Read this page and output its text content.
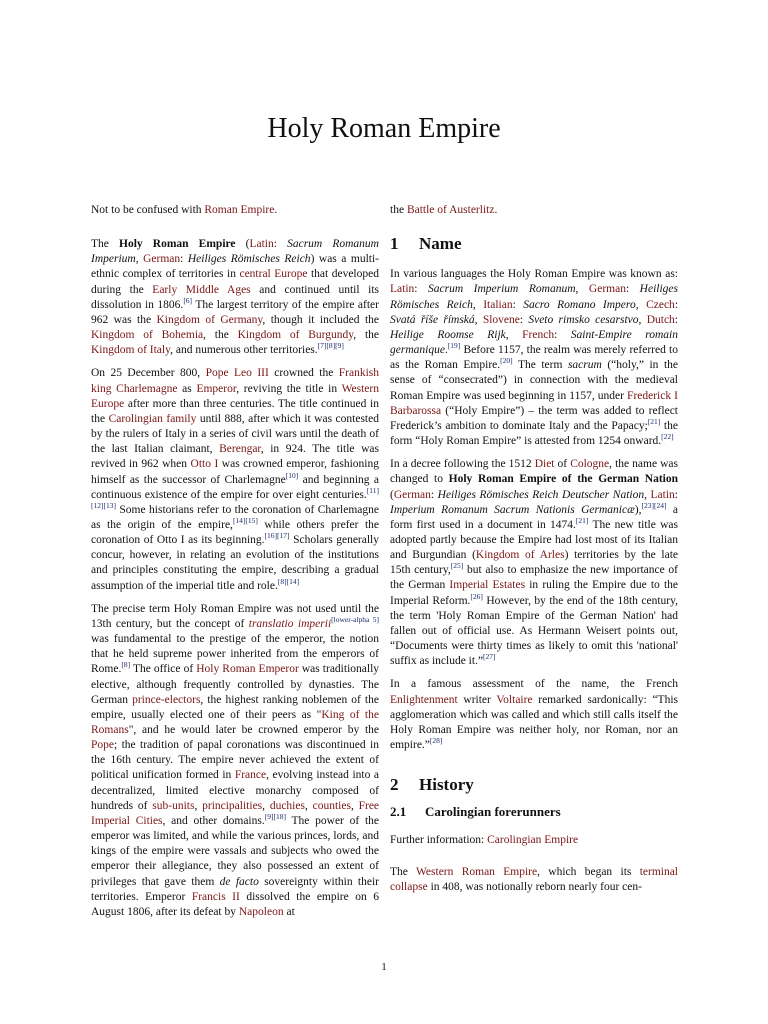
Holy Roman Empire

Not to be confused with Roman Empire.

The Holy Roman Empire (Latin: Sacrum Romanum Imperium, German: Heiliges Römisches Reich) was a multi-ethnic complex of territories in central Europe that developed during the Early Middle Ages and continued until its dissolution in 1806.[6] The largest territory of the empire after 962 was the Kingdom of Germany, though it included the Kingdom of Bohemia, the Kingdom of Burgundy, the Kingdom of Italy, and numerous other territories.[7][8][9]

On 25 December 800, Pope Leo III crowned the Frankish king Charlemagne as Emperor, reviving the title in Western Europe after more than three centuries. The title continued in the Carolingian family until 888, after which it was contested by the rulers of Italy in a series of civil wars until the death of the last Italian claimant, Berengar, in 924. The title was revived in 962 when Otto I was crowned emperor, fashioning himself as the successor of Charlemagne[10] and beginning a continuous existence of the empire for over eight centuries.[11][12][13] Some historians refer to the coronation of Charlemagne as the origin of the empire,[14][15] while others prefer the coronation of Otto I as its beginning.[16][17] Scholars generally concur, however, in relating an evolution of the institutions and principles constituting the empire, describing a gradual assumption of the imperial title and role.[8][14]

The precise term Holy Roman Empire was not used until the 13th century, but the concept of translatio imperii[lower-alpha 5] was fundamental to the prestige of the emperor, the notion that he held supreme power inherited from the emperors of Rome.[8] The office of Holy Roman Emperor was traditionally elective, although frequently controlled by dynasties. The German prince-electors, the highest ranking noblemen of the empire, usually elected one of their peers as "King of the Romans", and he would later be crowned emperor by the Pope; the tradition of papal coronations was discontinued in the 16th century. The empire never achieved the extent of political unification formed in France, evolving instead into a decentralized, limited elective monarchy composed of hundreds of sub-units, principalities, duchies, counties, Free Imperial Cities, and other domains.[9][18] The power of the emperor was limited, and while the various princes, lords, and kings of the empire were vassals and subjects who owed the emperor their allegiance, they also possessed an extent of privileges that gave them de facto sovereignty within their territories. Emperor Francis II dissolved the empire on 6 August 1806, after its defeat by Napoleon at

the Battle of Austerlitz.

1 Name

In various languages the Holy Roman Empire was known as: Latin: Sacrum Imperium Romanum, German: Heiliges Römisches Reich, Italian: Sacro Romano Impero, Czech: Svatá říše římská, Slovene: Sveto rimsko cesarstvo, Dutch: Heilige Roomse Rijk, French: Saint-Empire romain germanique.[19] Before 1157, the realm was merely referred to as the Roman Empire.[20] The term sacrum (“holy,” in the sense of “consecrated”) in connection with the medieval Roman Empire was used beginning in 1157, under Frederick I Barbarossa (“Holy Empire”) – the term was added to reflect Frederick’s ambition to dominate Italy and the Papacy;[21] the form “Holy Roman Empire” is attested from 1254 onward.[22]

In a decree following the 1512 Diet of Cologne, the name was changed to Holy Roman Empire of the German Nation (German: Heiliges Römisches Reich Deutscher Nation, Latin: Imperium Romanum Sacrum Nationis Germanicæ),[23][24] a form first used in a document in 1474.[21] The new title was adopted partly because the Empire had lost most of its Italian and Burgundian (Kingdom of Arles) territories by the late 15th century,[25] but also to emphasize the new importance of the German Imperial Estates in ruling the Empire due to the Imperial Reform.[26] However, by the end of the 18th century, the term 'Holy Roman Empire of the German Nation' had fallen out of official use. As Hermann Weisert points out, “Documents were thirty times as likely to omit this 'national' suffix as include it.”[27]

In a famous assessment of the name, the French Enlightenment writer Voltaire remarked sardonically: “This agglomeration which was called and which still calls itself the Holy Roman Empire was neither holy, nor Roman, nor an empire.”[28]

2 History
2.1 Carolingian forerunners

Further information: Carolingian Empire

The Western Roman Empire, which began its terminal collapse in 408, was notionally reborn nearly four cen-

1
